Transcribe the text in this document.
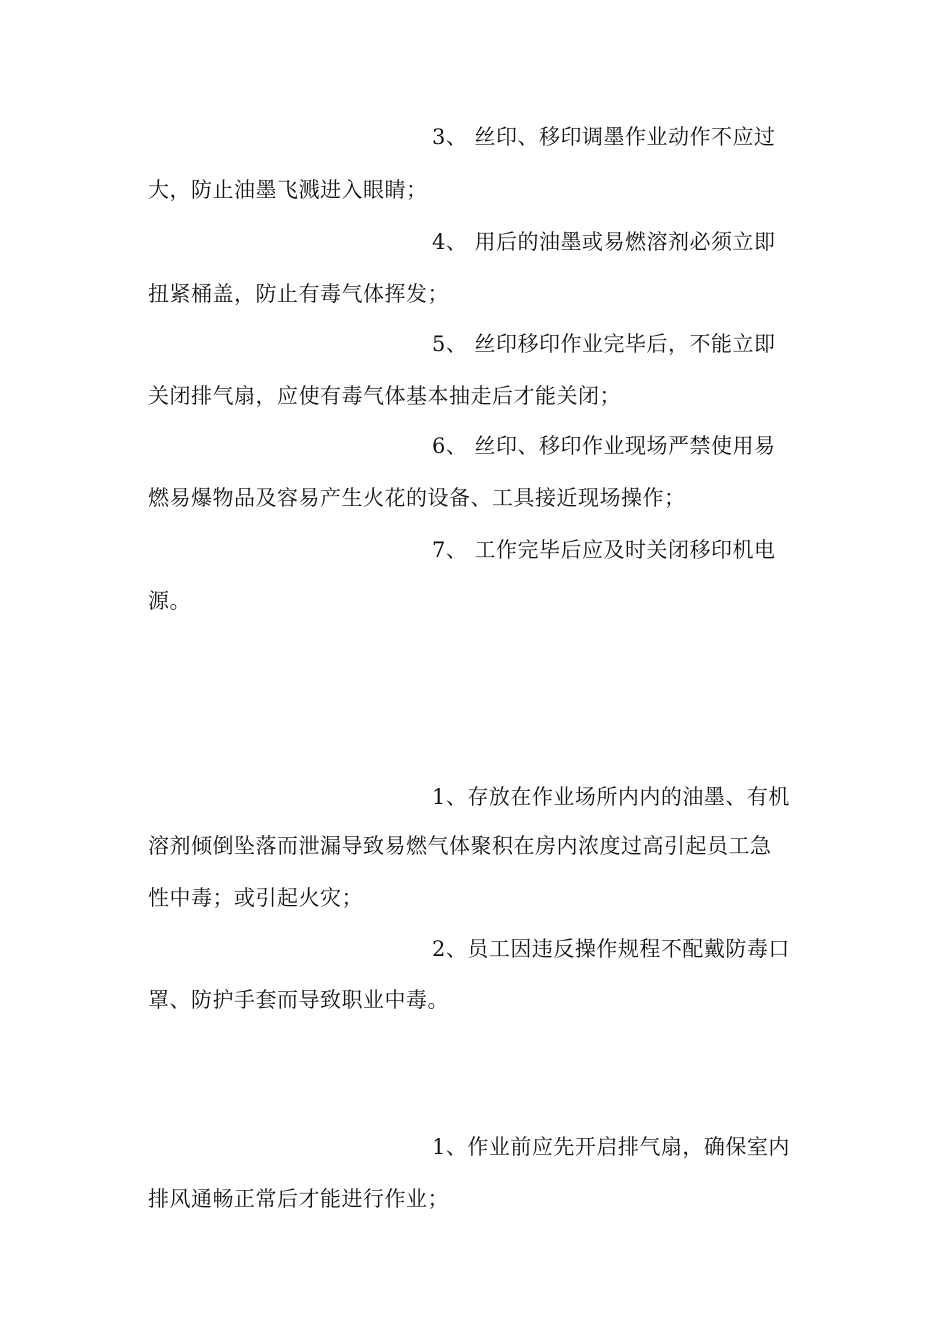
3、 丝印、移印调墨作业动作不应过
大，防止油墨飞溅进入眼睛；
4、 用后的油墨或易燃溶剂必须立即
扭紧桶盖，防止有毒气体挥发；
5、 丝印移印作业完毕后，不能立即
关闭排气扇，应使有毒气体基本抽走后才能关闭；
6、 丝印、移印作业现场严禁使用易
燃易爆物品及容易产生火花的设备、工具接近现场操作；
7、 工作完毕后应及时关闭移印机电
源。
1、存放在作业场所内内的油墨、有机
溶剂倾倒坠落而泄漏导致易燃气体聚积在房内浓度过高引起员工急
性中毒；或引起火灾；
2、员工因违反操作规程不配戴防毒口
罩、防护手套而导致职业中毒。
1、作业前应先开启排气扇，确保室内
排风通畅正常后才能进行作业；
